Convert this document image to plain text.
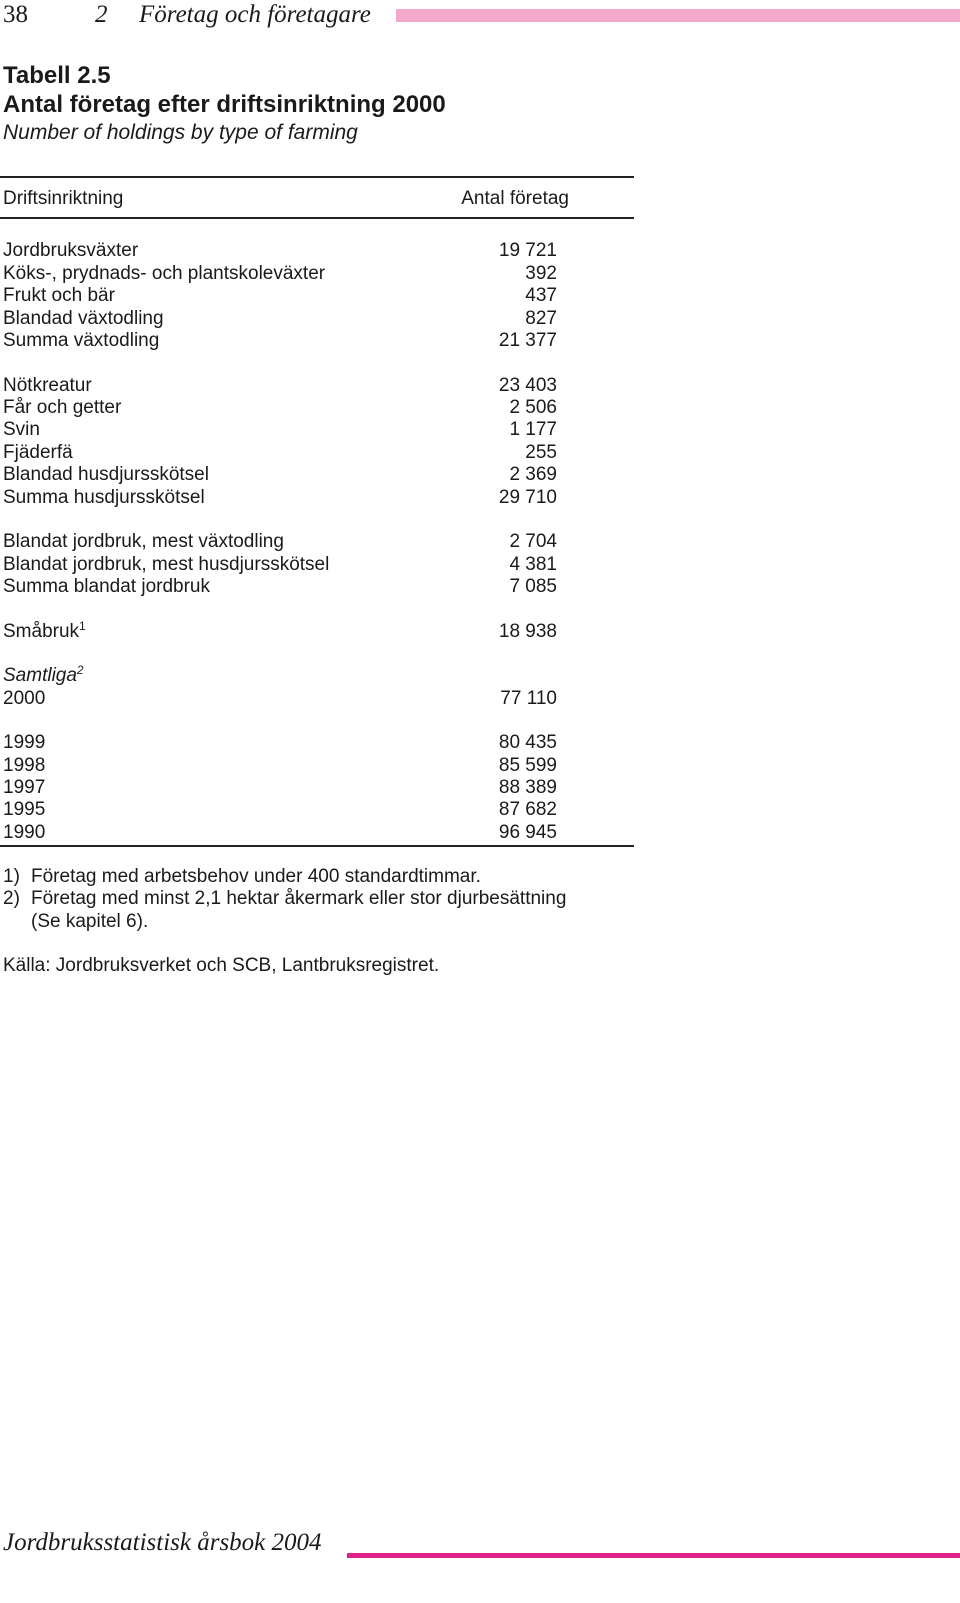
38	2 Företag och företagare
Tabell 2.5
Antal företag efter driftsinriktning 2000
Number of holdings by type of farming
Driftsinriktning	Antal företag
Jordbruksväxter	19 721
Köks-, prydnads- och plantskoleväxter	392
Frukt och bär	437
Blandad växtodling	827
Summa växtodling	21 377
Nötkreatur	23 403
Får och getter	2 506
Svin	1 177
Fjäderfä	255
Blandad husdjursskötsel	2 369
Summa husdjursskötsel	29 710
Blandat jordbruk, mest växtodling	2 704
Blandat jordbruk, mest husdjursskötsel	4 381
Summa blandat jordbruk	7 085
Småbruk$^1$	18 938
Samtliga$^2$
2000	77 110
1999	80 435
1998	85 599
1997	88 389
1995	87 682
1990	96 945
1) Företag med arbetsbehov under 400 standardtimmar.
2) Företag med minst 2,1 hektar åkermark eller stor djurbesättning
(Se kapitel 6).
Källa: Jordbruksverket och SCB, Lantbruksregistret.
Jordbruksstatistisk årsbok 2004
